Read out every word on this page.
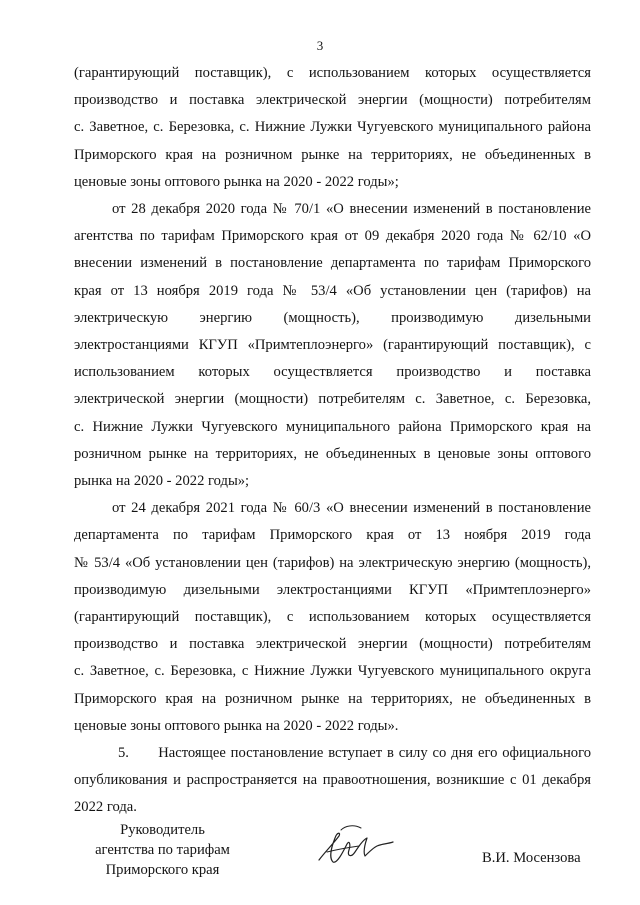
3
(гарантирующий поставщик), с использованием которых осуществляется
производство и поставка электрической энергии (мощности) потребителям
с. Заветное, с. Березовка, с. Нижние Лужки Чугуевского муниципального района
Приморского края на розничном рынке на территориях, не объединенных в
ценовые зоны оптового рынка на 2020 - 2022 годы»;
от 28 декабря 2020 года № 70/1 «О внесении изменений в постановление
агентства по тарифам Приморского края от 09 декабря 2020 года № 62/10 «О
внесении изменений в постановление департамента по тарифам Приморского
края от 13 ноября 2019 года № 53/4 «Об установлении цен (тарифов) на
электрическую энергию (мощность), производимую дизельными
электростанциями КГУП «Примтеплоэнерго» (гарантирующий поставщик), с
использованием которых осуществляется производство и поставка
электрической энергии (мощности) потребителям с. Заветное, с. Березовка,
с. Нижние Лужки Чугуевского муниципального района Приморского края на
розничном рынке на территориях, не объединенных в ценовые зоны оптового
рынка на 2020 - 2022 годы»;
от 24 декабря 2021 года № 60/3 «О внесении изменений в постановление
департамента по тарифам Приморского края от 13 ноября 2019 года
№ 53/4 «Об установлении цен (тарифов) на электрическую энергию (мощность),
производимую дизельными электростанциями КГУП «Примтеплоэнерго»
(гарантирующий поставщик), с использованием которых осуществляется
производство и поставка электрической энергии (мощности) потребителям
с. Заветное, с. Березовка, с Нижние Лужки Чугуевского муниципального округа
Приморского края на розничном рынке на территориях, не объединенных в
ценовые зоны оптового рынка на 2020 - 2022 годы».
5.      Настоящее постановление вступает в силу со дня его официального
опубликования и распространяется на правоотношения, возникшие с 01 декабря
2022 года.
Руководитель
агентства по тарифам
Приморского края
В.И. Мосензова
